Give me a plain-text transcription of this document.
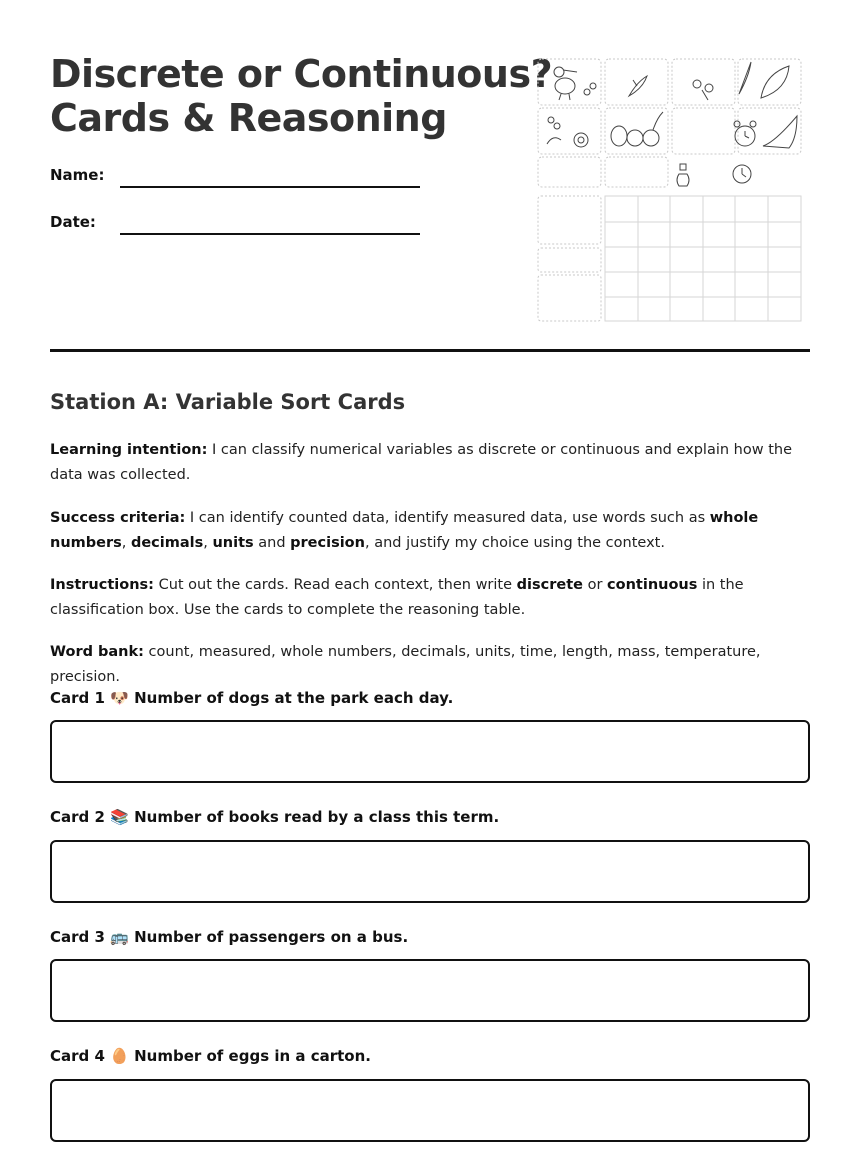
Discrete or Continuous?
Cards & Reasoning
Name:
Date:
Station A: Variable Sort Cards

Learning intention: I can classify numerical variables as discrete or continuous and explain how the data was collected.

Success criteria: I can identify counted data, identify measured data, use words such as whole numbers, decimals, units and precision, and justify my choice using the context.

Instructions: Cut out the cards. Read each context, then write discrete or continuous in the classification box. Use the cards to complete the reasoning table.

Word bank: count, measured, whole numbers, decimals, units, time, length, mass, temperature, precision.

Card 1 🐶 Number of dogs at the park each day.
Card 2 📚 Number of books read by a class this term.
Card 3 🚌 Number of passengers on a bus.
Card 4 🥚 Number of eggs in a carton.
